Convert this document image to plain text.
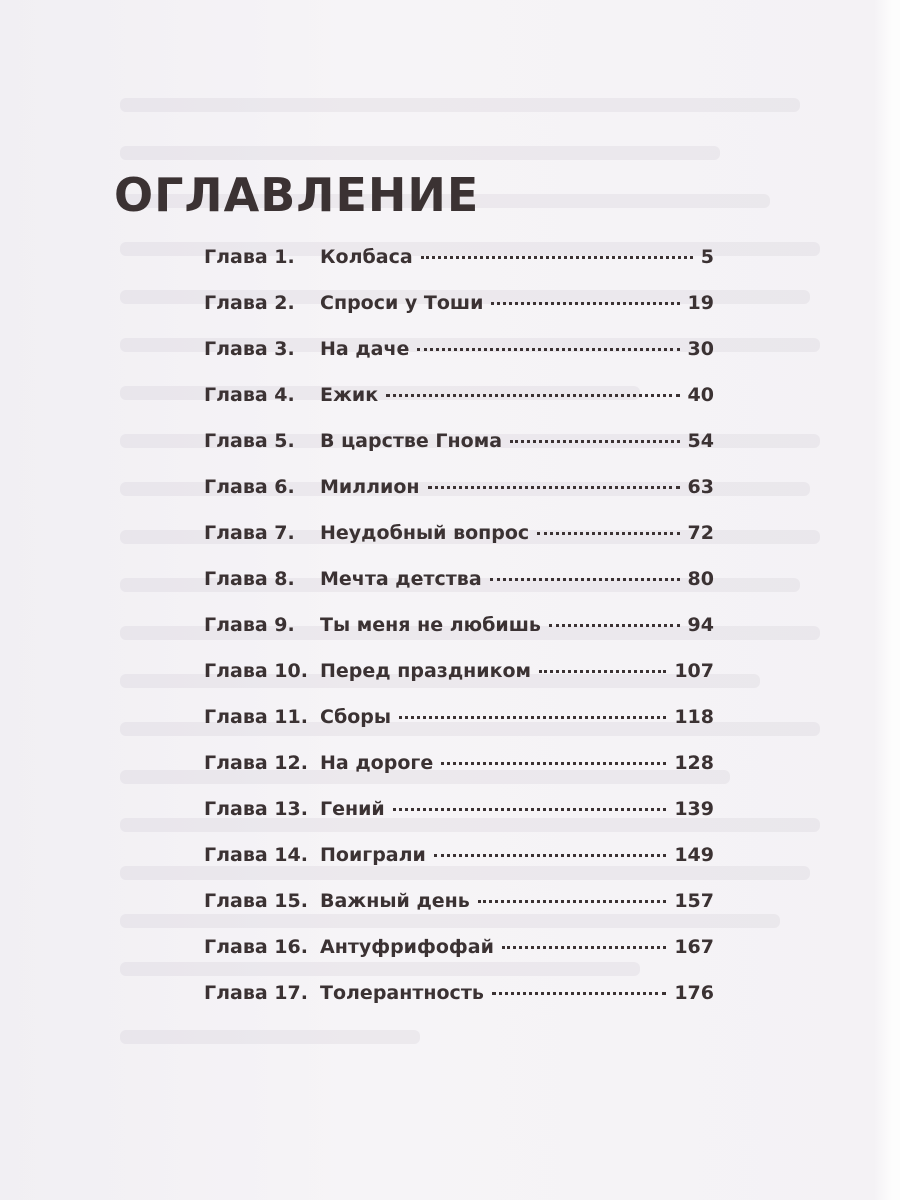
ОГЛАВЛЕНИЕ
Глава 1.	Колбаса	5
Глава 2.	Спроси у Тоши	19
Глава 3.	На даче	30
Глава 4.	Ежик	40
Глава 5.	В царстве Гнома	54
Глава 6.	Миллион	63
Глава 7.	Неудобный вопрос	72
Глава 8.	Мечта детства	80
Глава 9.	Ты меня не любишь	94
Глава 10. Перед праздником	107
Глава 11. Сборы	118
Глава 12. На дороге	128
Глава 13. Гений	139
Глава 14. Поиграли	149
Глава 15. Важный день	157
Глава 16. Антуфрифофай	167
Глава 17. Толерантность	176
